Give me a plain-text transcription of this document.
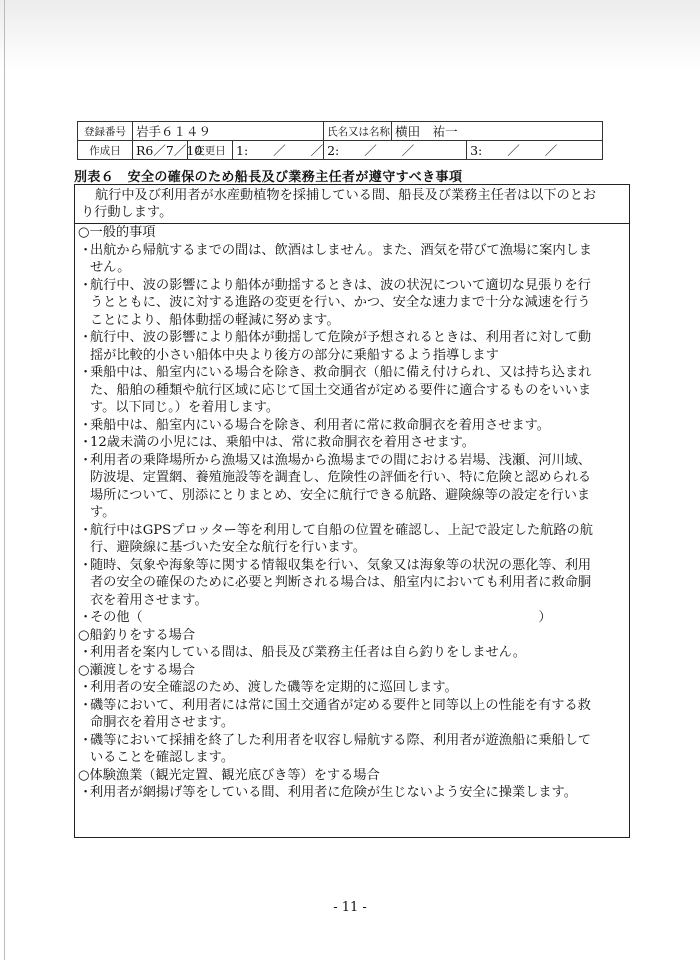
登録番号	岩手６１４９			氏名又は名称	横田　祐一	
作成日	R6／7／10	変更日	1:　　／　　／	2:　　／　　／		3:　　／　　／
別表６　安全の確保のため船長及び業務主任者が遵守すべき事項
航行中及び利用者が水産動植物を採捕している間、船長及び業務主任者は以下のとお
り行動します。
○一般的事項
・
出航から帰航するまでの間は、飲酒はしません。また、酒気を帯びて漁場に案内しま
せん。
・
航行中、波の影響により船体が動揺するときは、波の状況について適切な見張りを行
うとともに、波に対する進路の変更を行い、かつ、安全な速力まで十分な減速を行う
ことにより、船体動揺の軽減に努めます。
・
航行中、波の影響により船体が動揺して危険が予想されるときは、利用者に対して動
揺が比較的小さい船体中央より後方の部分に乗船するよう指導します
・
乗船中は、船室内にいる場合を除き、救命胴衣（船に備え付けられ、又は持ち込まれ
た、船舶の種類や航行区域に応じて国土交通省が定める要件に適合するものをいいま
す。以下同じ。）を着用します。
・
乗船中は、船室内にいる場合を除き、利用者に常に救命胴衣を着用させます。
・
12歳未満の小児には、乗船中は、常に救命胴衣を着用させます。
・
利用者の乗降場所から漁場又は漁場から漁場までの間における岩場、浅瀬、河川域、
防波堤、定置網、養殖施設等を調査し、危険性の評価を行い、特に危険と認められる
場所について、別添にとりまとめ、安全に航行できる航路、避険線等の設定を行いま
す。
・
航行中はGPSプロッター等を利用して自船の位置を確認し、上記で設定した航路の航
行、避険線に基づいた安全な航行を行います。
・
随時、気象や海象等に関する情報収集を行い、気象又は海象等の状況の悪化等、利用
者の安全の確保のために必要と判断される場合は、船室内においても利用者に救命胴
衣を着用させます。
・
その他（　　　　　　　　　　　　　　　　　　　　　　　　　　　　　　）
○船釣りをする場合
・
利用者を案内している間は、船長及び業務主任者は自ら釣りをしません。
○瀬渡しをする場合
・
利用者の安全確認のため、渡した磯等を定期的に巡回します。
・
磯等において、利用者には常に国土交通省が定める要件と同等以上の性能を有する救
命胴衣を着用させます。
・
磯等において採捕を終了した利用者を収容し帰航する際、利用者が遊漁船に乗船して
いることを確認します。
○体験漁業（観光定置、観光底びき等）をする場合
・
利用者が網揚げ等をしている間、利用者に危険が生じないよう安全に操業します。
- 11 -
